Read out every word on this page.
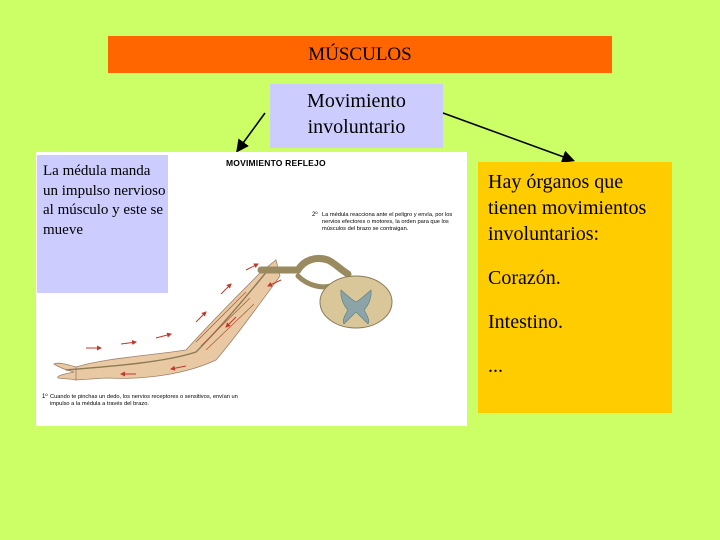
MÚSCULOS
Movimiento involuntario
MOVIMIENTO REFLEJO
2º La médula reacciona ante el peligro y envía, por los nervios efectores o motores, la orden para que los músculos del brazo se contraigan.
1º Cuando te pinchas un dedo, los nervios receptores o sensitivos, envían un impulso a la médula a través del brazo.
La médula manda un impulso nervioso al músculo y este se mueve

Hay órganos que tienen movimientos involuntarios:

Corazón.

Intestino.

...
